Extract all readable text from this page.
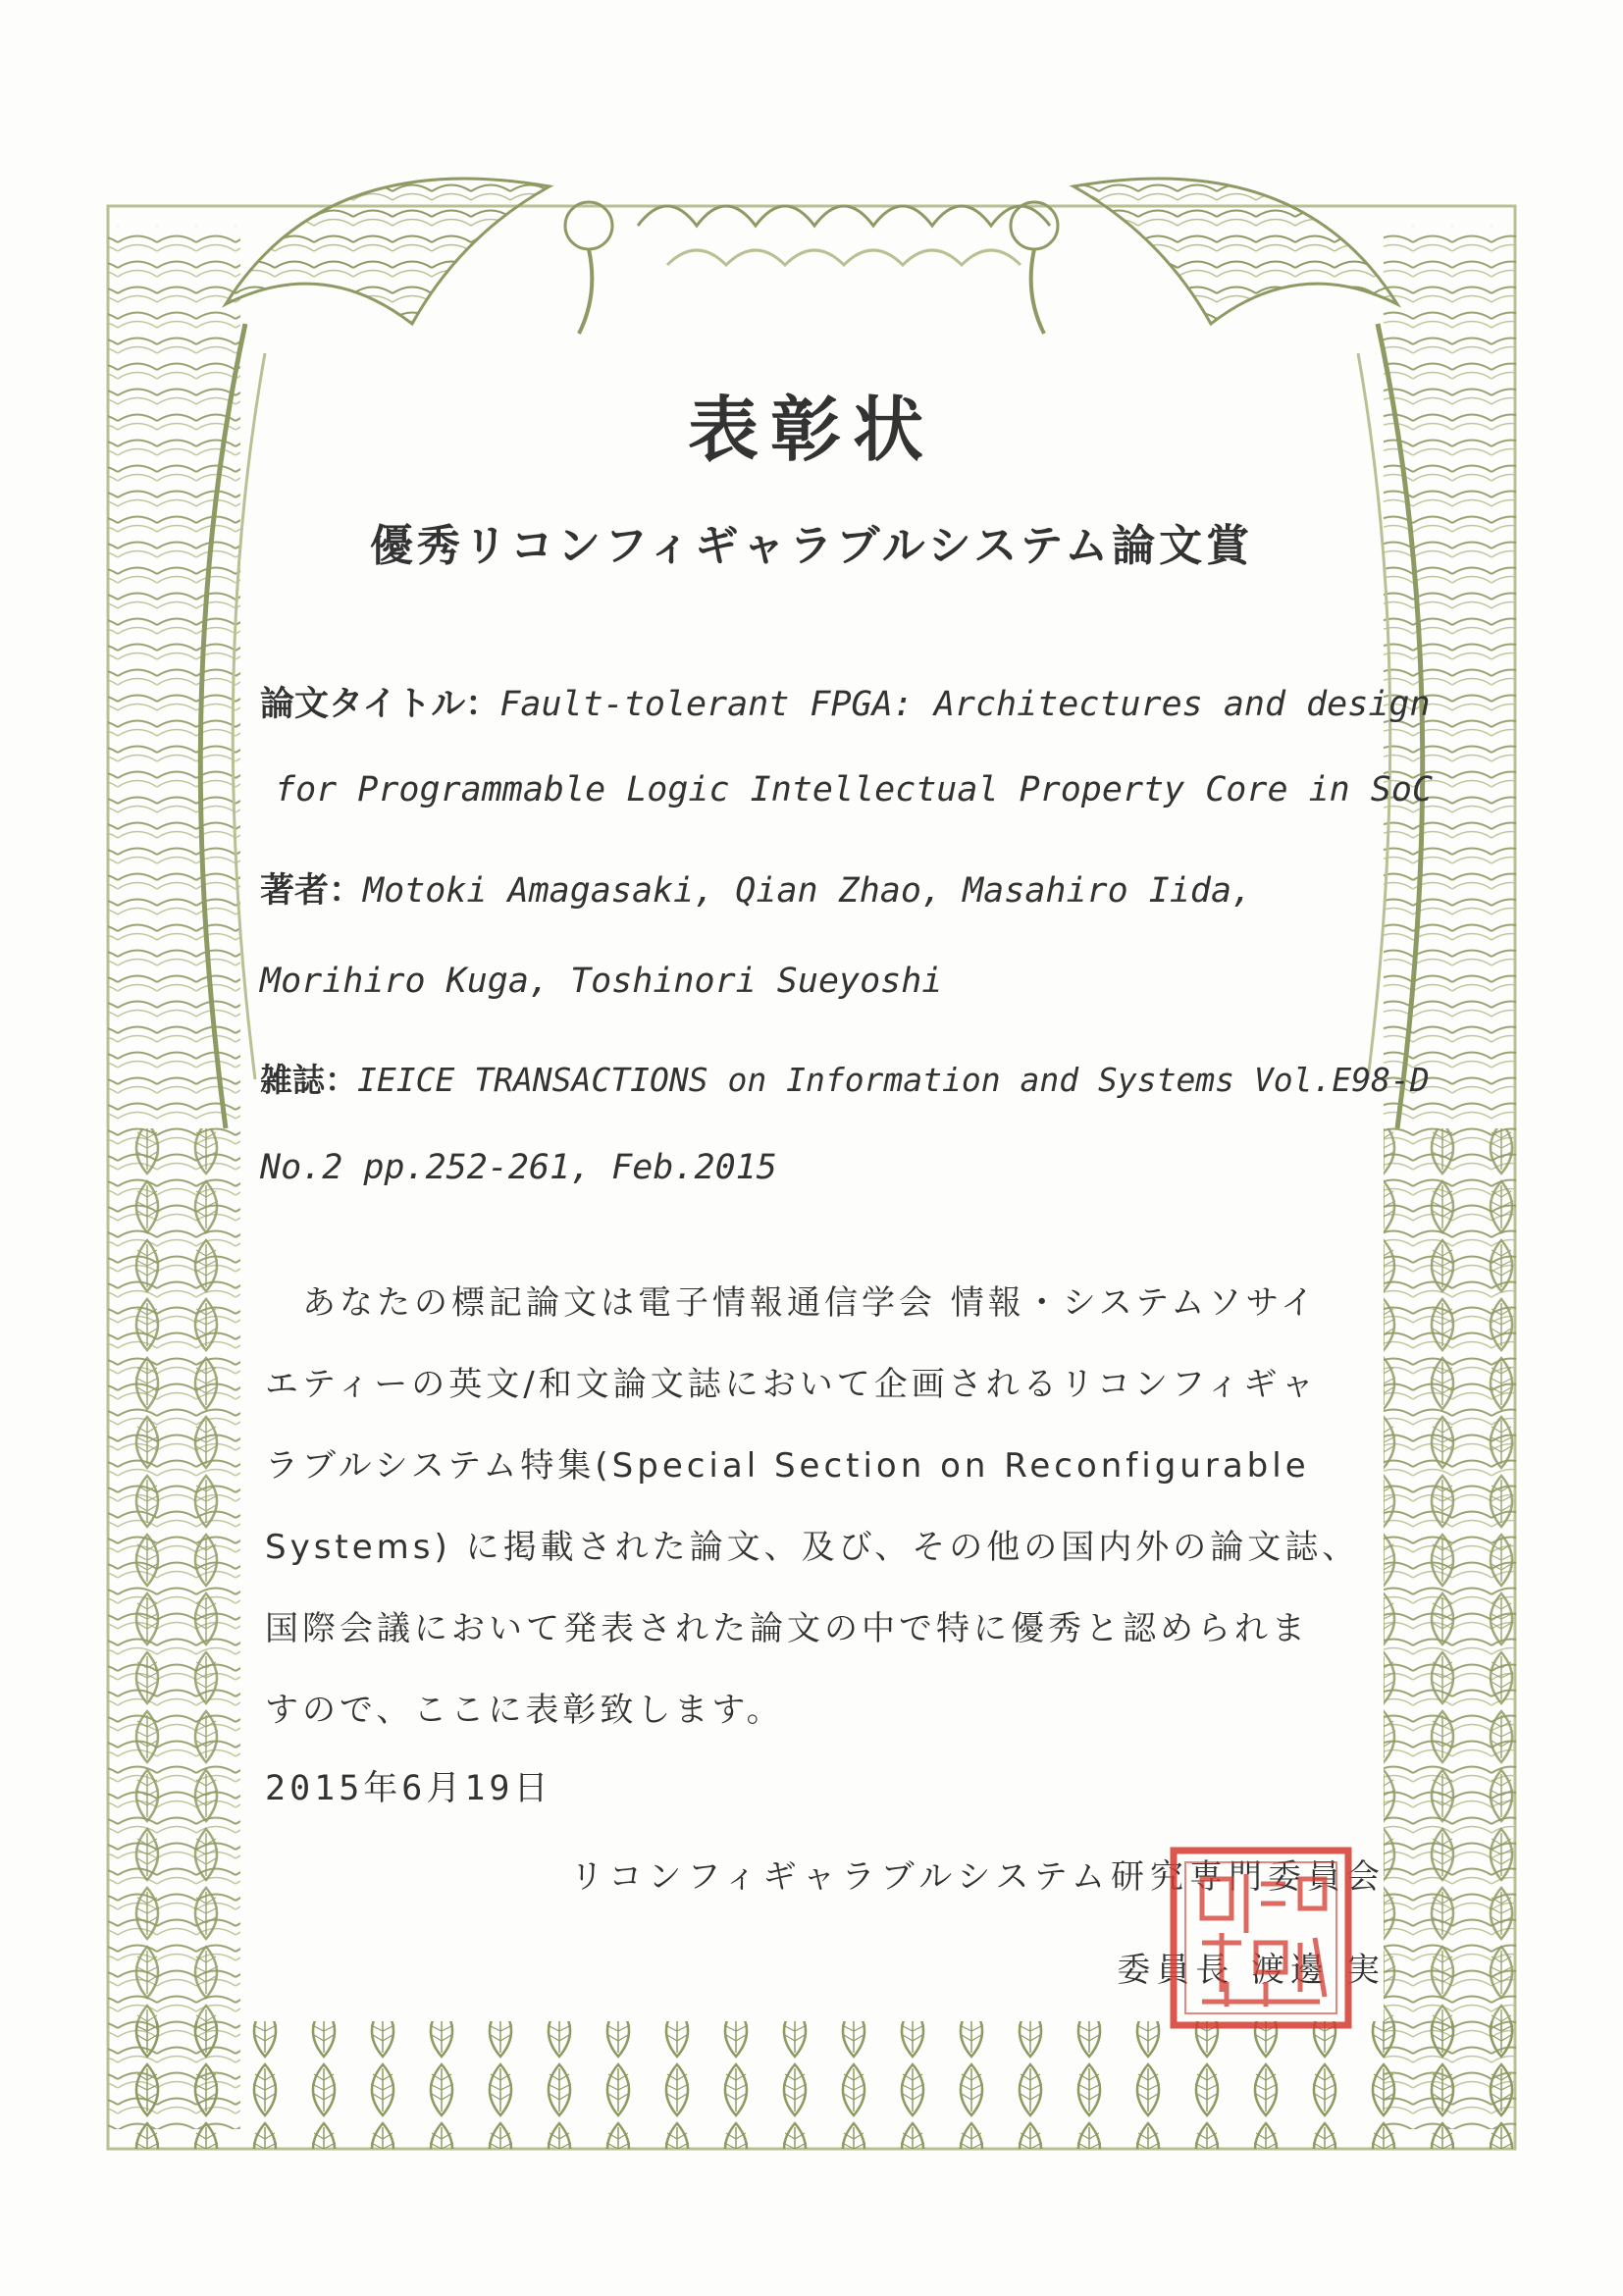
表彰状
優秀リコンフィギャラブルシステム論文賞
論文タイトル：Fault-tolerant FPGA: Architectures and design
for Programmable Logic Intellectual Property Core in SoC
著者：Motoki Amagasaki, Qian Zhao, Masahiro Iida,
Morihiro Kuga, Toshinori Sueyoshi
雑誌：IEICE TRANSACTIONS on Information and Systems Vol.E98-D
No.2 pp.252-261, Feb.2015
　あなたの標記論文は電子情報通信学会 情報・システムソサイ
エティーの英文/和文論文誌において企画されるリコンフィギャ
ラブルシステム特集(Special Section on Reconfigurable
Systems) に掲載された論文、及び、その他の国内外の論文誌、
国際会議において発表された論文の中で特に優秀と認められま
すので、ここに表彰致します。
2015年6月19日
リコンフィギャラブルシステム研究専門委員会
委員長 渡邊 実
